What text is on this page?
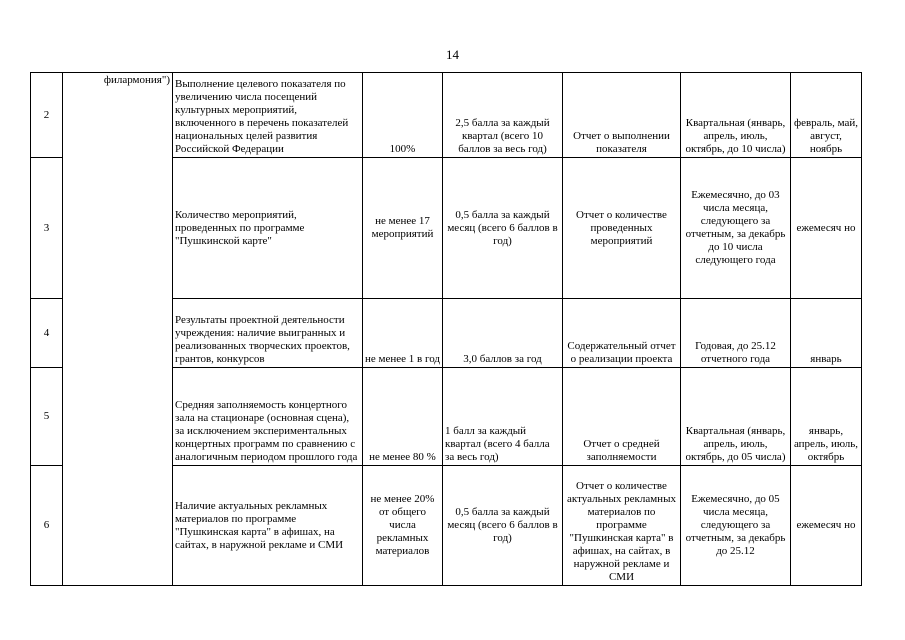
14
2	филармония")	Выполнение целевого показателя по увеличению числа посещений культурных мероприятий, включенного в перечень показателей национальных целей развития Российской Федерации	100%	2,5 балла за каждый квартал (всего 10 баллов за весь год)	Отчет о выполнении показателя	Квартальная (январь, апрель, июль, октябрь, до 10 числа)	февраль, май, август, ноябрь
3		Количество мероприятий, проведенных по программе "Пушкинской карте"	не менее 17 мероприятий	0,5 балла за каждый месяц (всего 6 баллов в год)	Отчет о количестве проведенных мероприятий	Ежемесячно, до 03 числа месяца, следующего за отчетным, за декабрь до 10 числа следующего года	ежемесяч но
4		Результаты проектной деятельности учреждения: наличие выигранных и реализованных творческих проектов, грантов, конкурсов	не менее 1 в год	3,0 баллов за год	Содержательный отчет о реализации проекта	Годовая, до 25.12 отчетного года	январь
5		Средняя заполняемость концертного зала на стационаре (основная сцена), за исключением экспериментальных концертных программ по сравнению с аналогичным периодом прошлого года	не менее 80 %	1 балл за каждый квартал (всего 4 балла за весь год)	Отчет о средней заполняемости	Квартальная (январь, апрель, июль, октябрь, до 05 числа)	январь, апрель, июль, октябрь
6		Наличие актуальных рекламных материалов по программе "Пушкинская карта" в афишах, на сайтах, в наружной рекламе и СМИ	не менее 20% от общего числа рекламных материалов	0,5 балла за каждый месяц (всего 6 баллов в год)	Отчет о количестве актуальных рекламных материалов по программе "Пушкинская карта" в афишах, на сайтах, в наружной рекламе и СМИ	Ежемесячно, до 05 числа месяца, следующего за отчетным, за декабрь до 25.12	ежемесяч но
